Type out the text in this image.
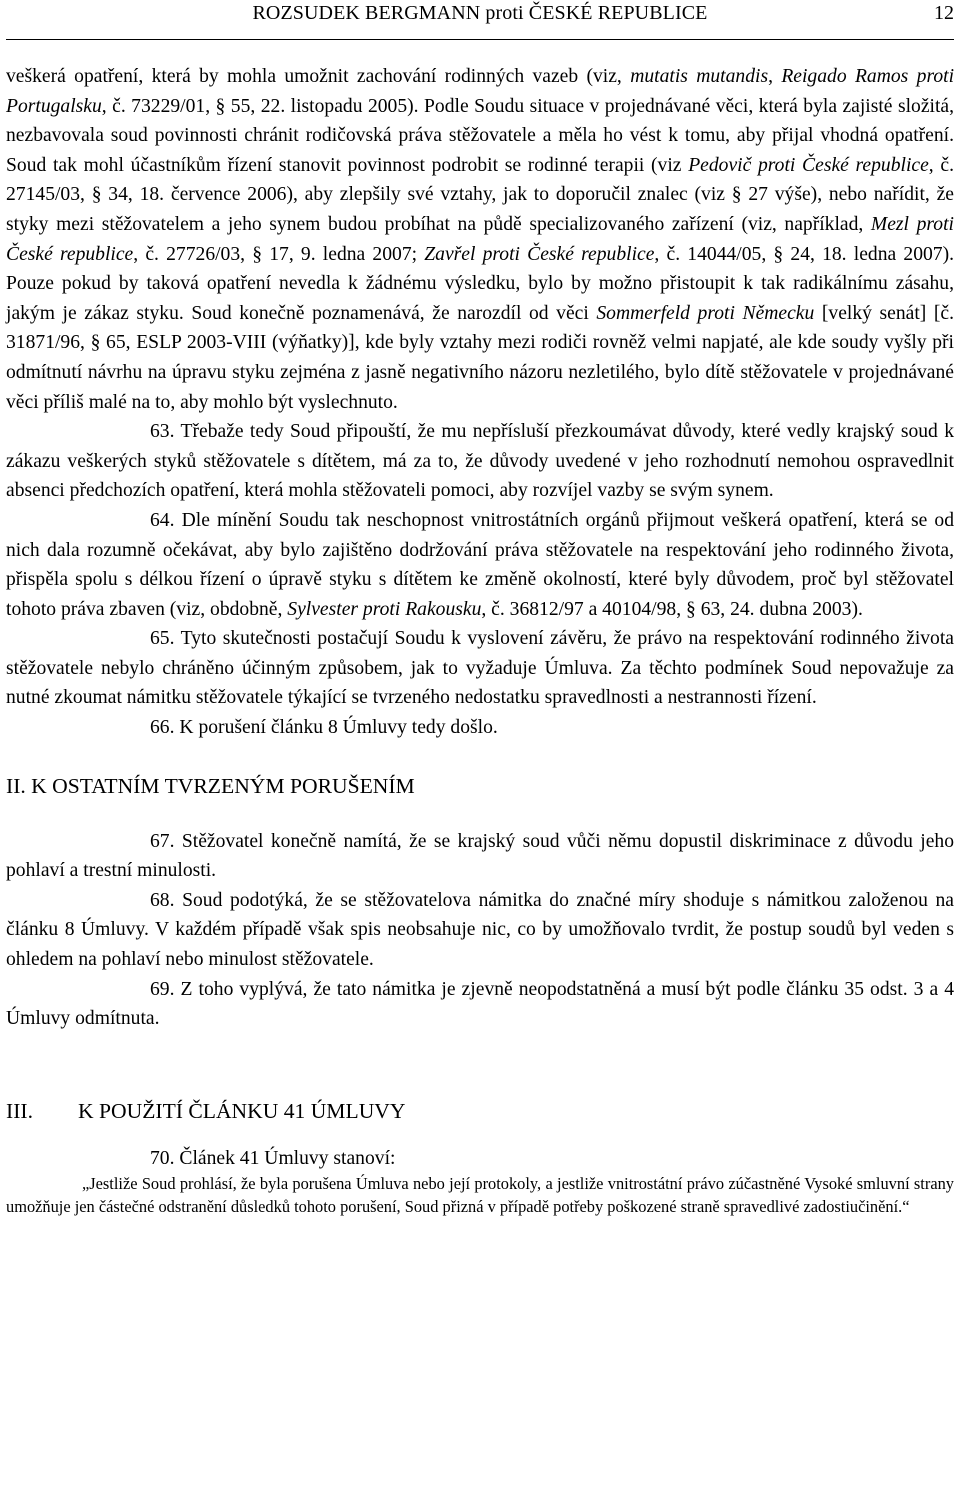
ROZSUDEK BERGMANN proti ČESKÉ REPUBLICE	12

veškerá opatření, která by mohla umožnit zachování rodinných vazeb (viz, mutatis mutandis, Reigado Ramos proti Portugalsku, č. 73229/01, § 55, 22. listopadu 2005). Podle Soudu situace v projednávané věci, která byla zajisté složitá, nezbavovala soud povinnosti chránit rodičovská práva stěžovatele a měla ho vést k tomu, aby přijal vhodná opatření. Soud tak mohl účastníkům řízení stanovit povinnost podrobit se rodinné terapii (viz Pedovič proti České republice, č. 27145/03, § 34, 18. července 2006), aby zlepšily své vztahy, jak to doporučil znalec (viz § 27 výše), nebo nařídit, že styky mezi stěžovatelem a jeho synem budou probíhat na půdě specializovaného zařízení (viz, například, Mezl proti České republice, č. 27726/03, § 17, 9. ledna 2007; Zavřel proti České republice, č. 14044/05, § 24, 18. ledna 2007). Pouze pokud by taková opatření nevedla k žádnému výsledku, bylo by možno přistoupit k tak radikálnímu zásahu, jakým je zákaz styku. Soud konečně poznamenává, že narozdíl od věci Sommerfeld proti Německu [velký senát] [č. 31871/96, § 65, ESLP 2003-VIII (výňatky)], kde byly vztahy mezi rodiči rovněž velmi napjaté, ale kde soudy vyšly při odmítnutí návrhu na úpravu styku zejména z jasně negativního názoru nezletilého, bylo dítě stěžovatele v projednávané věci příliš malé na to, aby mohlo být vyslechnuto.

63. Třebaže tedy Soud připouští, že mu nepřísluší přezkoumávat důvody, které vedly krajský soud k zákazu veškerých styků stěžovatele s dítětem, má za to, že důvody uvedené v jeho rozhodnutí nemohou ospravedlnit absenci předchozích opatření, která mohla stěžovateli pomoci, aby rozvíjel vazby se svým synem.

64. Dle mínění Soudu tak neschopnost vnitrostátních orgánů přijmout veškerá opatření, která se od nich dala rozumně očekávat, aby bylo zajištěno dodržování práva stěžovatele na respektování jeho rodinného života, přispěla spolu s délkou řízení o úpravě styku s dítětem ke změně okolností, které byly důvodem, proč byl stěžovatel tohoto práva zbaven (viz, obdobně, Sylvester proti Rakousku, č. 36812/97 a 40104/98, § 63, 24. dubna 2003).

65. Tyto skutečnosti postačují Soudu k vyslovení závěru, že právo na respektování rodinného života stěžovatele nebylo chráněno účinným způsobem, jak to vyžaduje Úmluva. Za těchto podmínek Soud nepovažuje za nutné zkoumat námitku stěžovatele týkající se tvrzeného nedostatku spravedlnosti a nestrannosti řízení.

66. K porušení článku 8 Úmluvy tedy došlo.

II. K OSTATNÍM TVRZENÝM PORUŠENÍM

67. Stěžovatel konečně namítá, že se krajský soud vůči němu dopustil diskriminace z důvodu jeho pohlaví a trestní minulosti.

68. Soud podotýká, že se stěžovatelova námitka do značné míry shoduje s námitkou založenou na článku 8 Úmluvy. V každém případě však spis neobsahuje nic, co by umožňovalo tvrdit, že postup soudů byl veden s ohledem na pohlaví nebo minulost stěžovatele.

69. Z toho vyplývá, že tato námitka je zjevně neopodstatněná a musí být podle článku 35 odst. 3 a 4 Úmluvy odmítnuta.

III. K POUŽITÍ ČLÁNKU 41 ÚMLUVY

70. Článek 41 Úmluvy stanoví:

„Jestliže Soud prohlásí, že byla porušena Úmluva nebo její protokoly, a jestliže vnitrostátní právo zúčastněné Vysoké smluvní strany umožňuje jen částečné odstranění důsledků tohoto porušení, Soud přizná v případě potřeby poškozené straně spravedlivé zadostiučinění.“
